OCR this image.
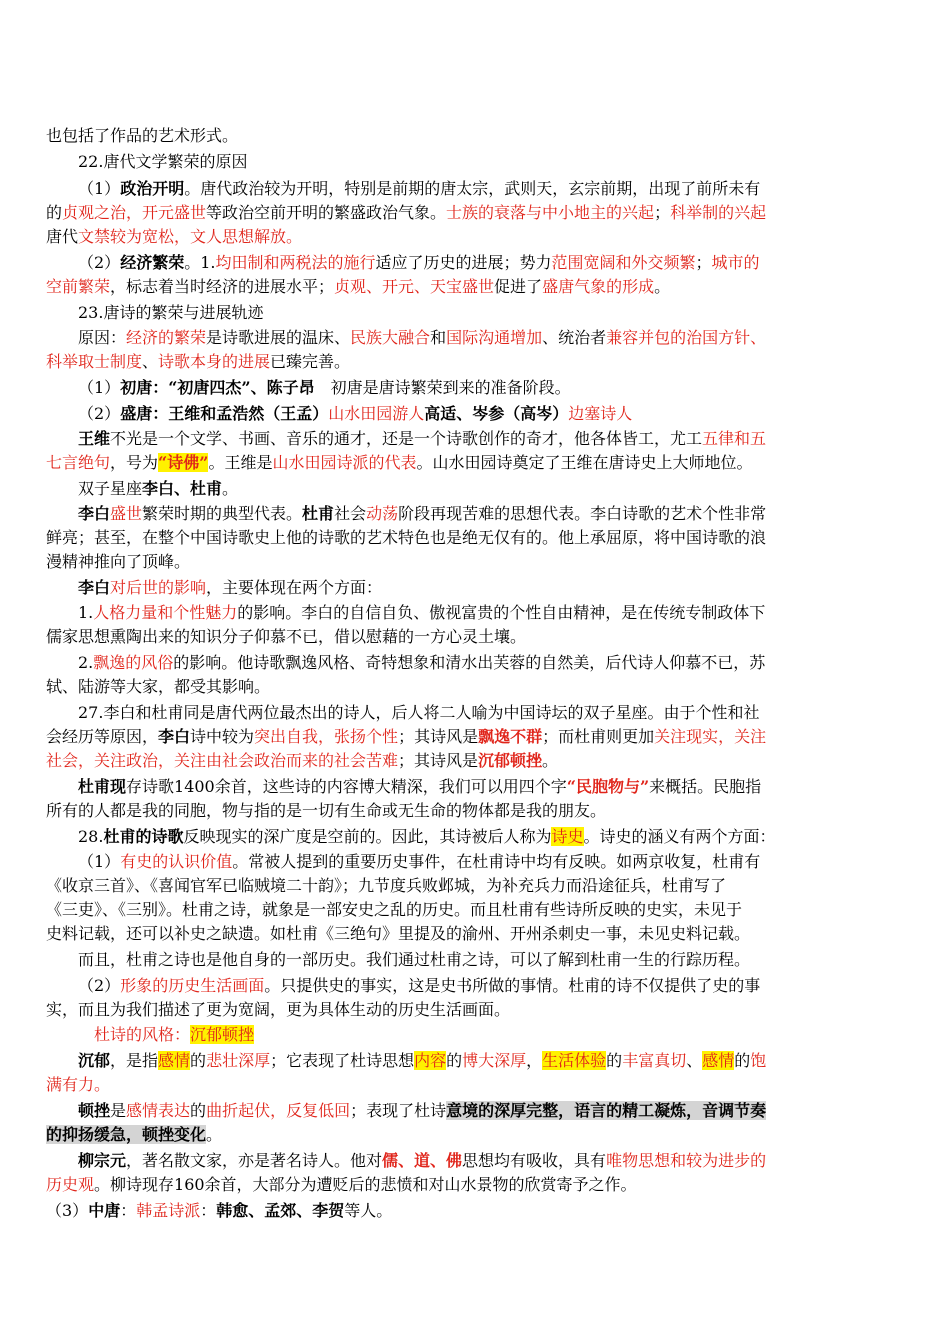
也包括了作品的艺术形式。
22.唐代文学繁荣的原因
（1）政治开明。唐代政治较为开明，特别是前期的唐太宗，武则天，玄宗前期，出现了前所未有
的贞观之治，开元盛世等政治空前开明的繁盛政治气象。士族的衰落与中小地主的兴起；科举制的兴起
唐代文禁较为宽松，文人思想解放。
（2）经济繁荣。1.均田制和两税法的施行适应了历史的进展；势力范围宽阔和外交频繁；城市的
空前繁荣，标志着当时经济的进展水平；贞观、开元、天宝盛世促进了盛唐气象的形成。
23.唐诗的繁荣与进展轨迹
原因：经济的繁荣是诗歌进展的温床、民族大融合和国际沟通增加、统治者兼容并包的治国方针、
科举取士制度、诗歌本身的进展已臻完善。
（1）初唐：“初唐四杰”、陈子昂　初唐是唐诗繁荣到来的准备阶段。
（2）盛唐：王维和孟浩然（王孟）山水田园游人高适、岑参（高岑）边塞诗人
王维不光是一个文学、书画、音乐的通才，还是一个诗歌创作的奇才，他各体皆工，尤工五律和五
七言绝句，号为“诗佛”。王维是山水田园诗派的代表。山水田园诗奠定了王维在唐诗史上大师地位。
双子星座李白、杜甫。
李白盛世繁荣时期的典型代表。杜甫社会动荡阶段再现苦难的思想代表。李白诗歌的艺术个性非常
鲜亮；甚至，在整个中国诗歌史上他的诗歌的艺术特色也是绝无仅有的。他上承屈原，将中国诗歌的浪
漫精神推向了顶峰。
李白对后世的影响，主要体现在两个方面：
1.人格力量和个性魅力的影响。李白的自信自负、傲视富贵的个性自由精神，是在传统专制政体下
儒家思想熏陶出来的知识分子仰慕不已，借以慰藉的一方心灵土壤。
2.飘逸的风俗的影响。他诗歌飘逸风格、奇特想象和清水出芙蓉的自然美，后代诗人仰慕不已，苏
轼、陆游等大家，都受其影响。
27.李白和杜甫同是唐代两位最杰出的诗人，后人将二人喻为中国诗坛的双子星座。由于个性和社
会经历等原因，李白诗中较为突出自我，张扬个性；其诗风是飘逸不群；而杜甫则更加关注现实，关注
社会，关注政治，关注由社会政治而来的社会苦难；其诗风是沉郁顿挫。
杜甫现存诗歌1400余首，这些诗的内容博大精深，我们可以用四个字“民胞物与”来概括。民胞指
所有的人都是我的同胞，物与指的是一切有生命或无生命的物体都是我的朋友。
28.杜甫的诗歌反映现实的深广度是空前的。因此，其诗被后人称为诗史。诗史的涵义有两个方面：
（1）有史的认识价值。常被人提到的重要历史事件，在杜甫诗中均有反映。如两京收复，杜甫有
《收京三首》、《喜闻官军已临贼境二十韵》；九节度兵败邺城，为补充兵力而沿途征兵，杜甫写了
《三吏》、《三别》。杜甫之诗，就象是一部安史之乱的历史。而且杜甫有些诗所反映的史实，未见于
史料记载，还可以补史之缺遗。如杜甫《三绝句》里提及的渝州、开州杀刺史一事，未见史料记载。
而且，杜甫之诗也是他自身的一部历史。我们通过杜甫之诗，可以了解到杜甫一生的行踪历程。
（2）形象的历史生活画面。只提供史的事实，这是史书所做的事情。杜甫的诗不仅提供了史的事
实，而且为我们描述了更为宽阔，更为具体生动的历史生活画面。
杜诗的风格：沉郁顿挫
沉郁，是指感情的悲壮深厚；它表现了杜诗思想内容的博大深厚，生活体验的丰富真切、感情的饱
满有力。
顿挫是感情表达的曲折起伏，反复低回；表现了杜诗意境的深厚完整，语言的精工凝炼，音调节奏
的抑扬缓急，顿挫变化。
柳宗元，著名散文家，亦是著名诗人。他对儒、道、佛思想均有吸收，具有唯物思想和较为进步的
历史观。柳诗现存160余首，大部分为遭贬后的悲愤和对山水景物的欣赏寄予之作。
（3）中唐：韩孟诗派：韩愈、孟郊、李贺等人。
